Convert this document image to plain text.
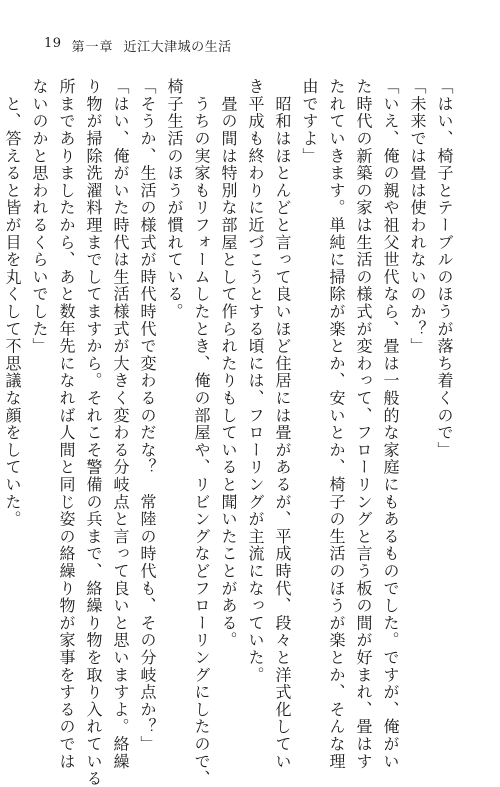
19 第一章 近江大津城の生活

「はい、椅子とテーブルのほうが落ち着くので」

「未来では畳は使われないのか？」

「いえ、俺の親や祖父世代なら、畳は一般的な家庭にもあるものでした。ですが、俺がい

た時代の新築の家は生活の様式が変わって、フローリングと言う板の間が好まれ、畳はす

たれていきます。単純に掃除が楽とか、安いとか、椅子の生活のほうが楽とか、そんな理

由ですよ」

　昭和はほとんどと言って良いほど住居には畳があるが、平成時代、段々と洋式化してい

き平成も終わりに近づこうとする頃には、フローリングが主流になっていた。

　畳の間は特別な部屋として作られたりもしていると聞いたことがある。

　うちの実家もリフォームしたとき、俺の部屋や、リビングなどフローリングにしたので、

椅子生活のほうが慣れている。

「そうか、生活の様式が時代時代で変わるのだな？　常陸の時代も、その分岐点か？」

「はい、俺がいた時代は生活様式が大きく変わる分岐点と言って良いと思いますよ。絡繰

り物が掃除洗濯料理までしてますから。それこそ警備の兵まで、絡繰り物を取り入れている

所までありましたから、あと数年先になれば人間と同じ姿の絡繰り物が家事をするのでは

ないのかと思われるくらいでした」

　と、答えると皆が目を丸くして不思議な顔をしていた。
